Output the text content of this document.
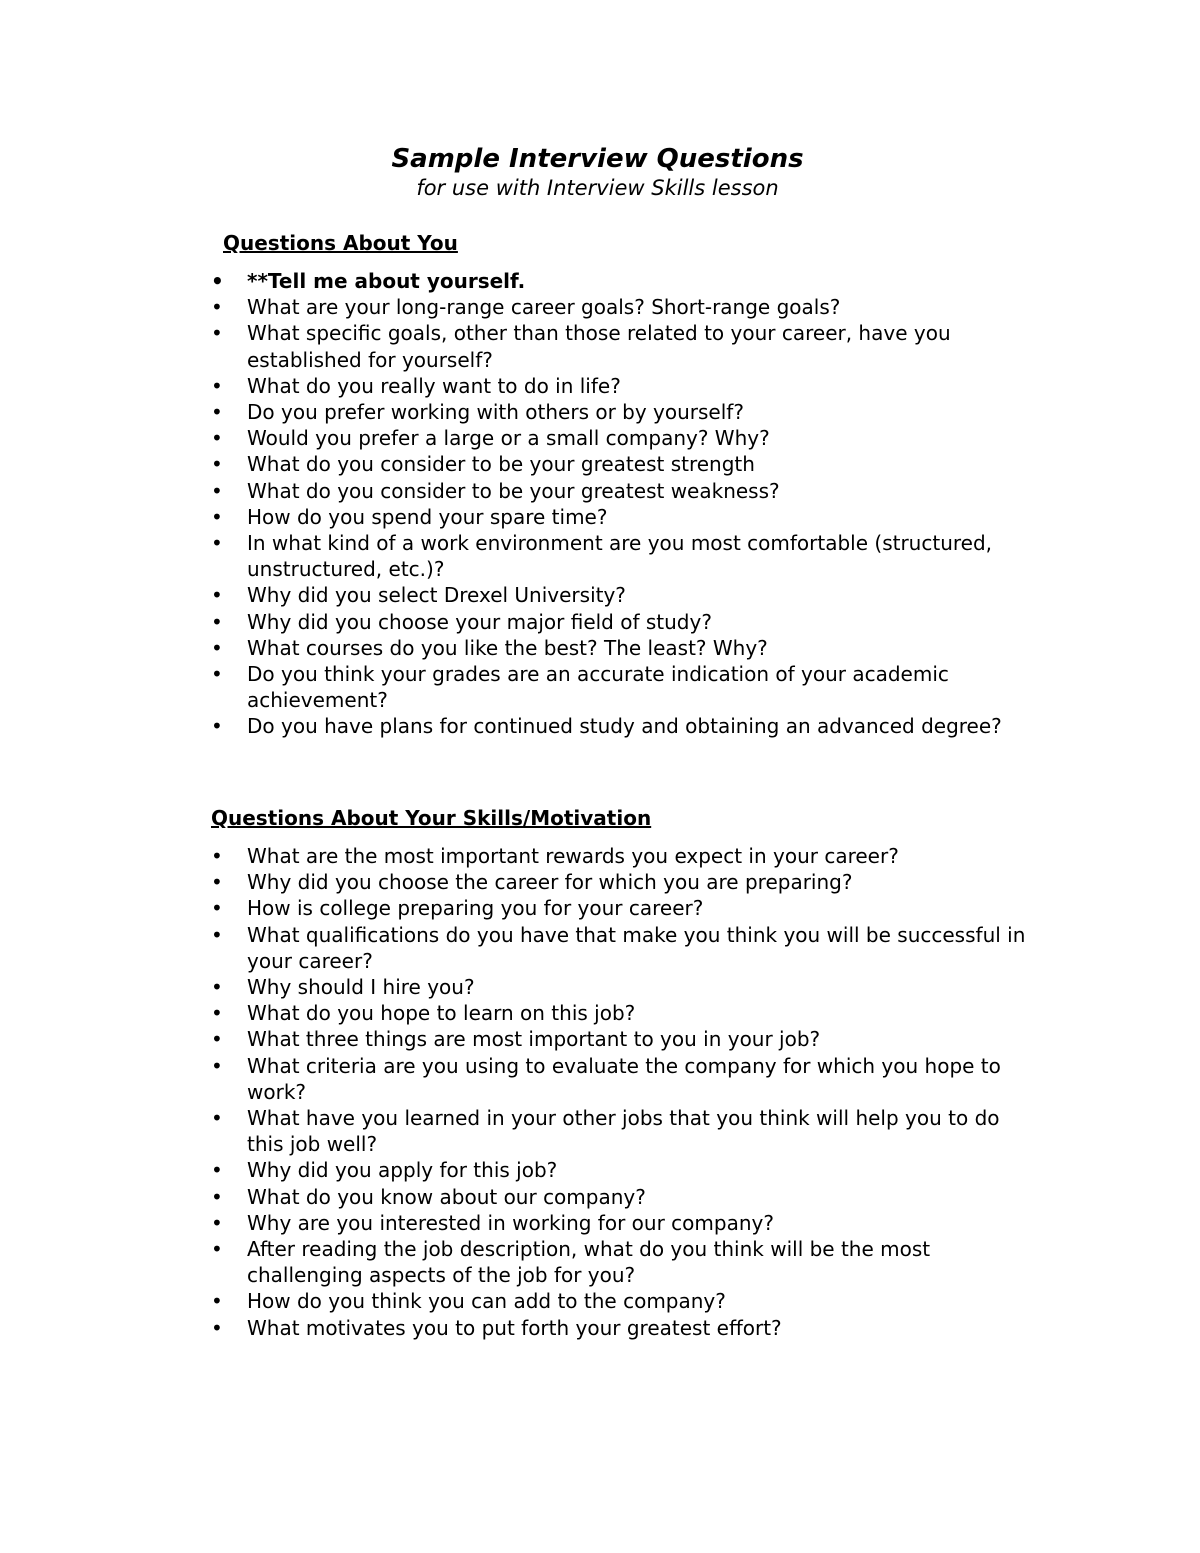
Sample Interview Questions

for use with Interview Skills lesson

Questions About You
•	**Tell me about yourself.
•	What are your long-range career goals? Short-range goals?
•	What specific goals, other than those related to your career, have you established for yourself?
•	What do you really want to do in life?
•	Do you prefer working with others or by yourself?
•	Would you prefer a large or a small company? Why?
•	What do you consider to be your greatest strength
•	What do you consider to be your greatest weakness?
•	How do you spend your spare time?
•	In what kind of a work environment are you most comfortable (structured, unstructured, etc.)?
•	Why did you select Drexel University?
•	Why did you choose your major field of study?
•	What courses do you like the best? The least? Why?
•	Do you think your grades are an accurate indication of your academic achievement?
•	Do you have plans for continued study and obtaining an advanced degree?
Questions About Your Skills/Motivation
•	What are the most important rewards you expect in your career?
•	Why did you choose the career for which you are preparing?
•	How is college preparing you for your career?
•	What qualifications do you have that make you think you will be successful in your career?
•	Why should I hire you?
•	What do you hope to learn on this job?
•	What three things are most important to you in your job?
•	What criteria are you using to evaluate the company for which you hope to work?
•	What have you learned in your other jobs that you think will help you to do this job well?
•	Why did you apply for this job?
•	What do you know about our company?
•	Why are you interested in working for our company?
•	After reading the job description, what do you think will be the most challenging aspects of the job for you?
•	How do you think you can add to the company?
•	What motivates you to put forth your greatest effort?
